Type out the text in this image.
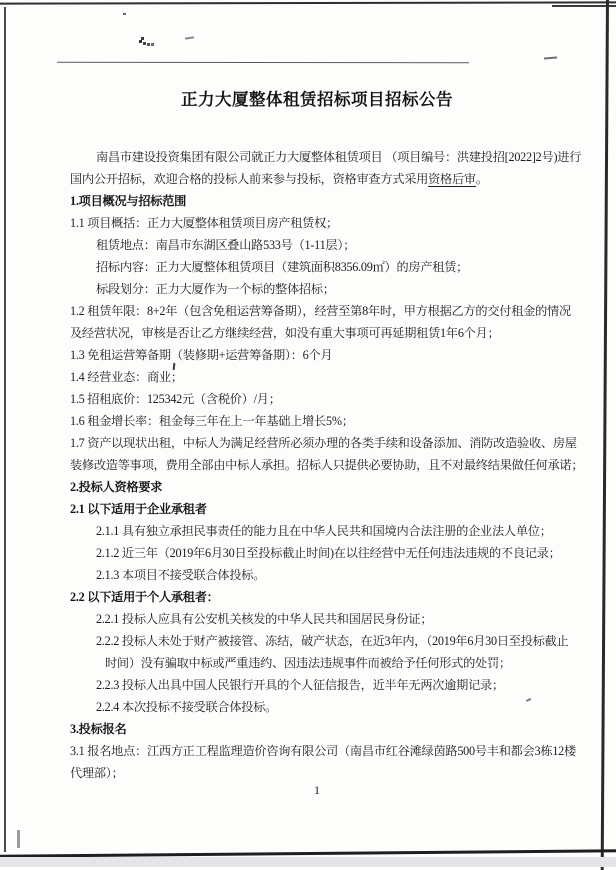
正力大厦整体租赁招标项目招标公告
南昌市建设投资集团有限公司就正力大厦整体租赁项目 （项目编号：洪建投招[2022]2号)进行
国内公开招标，欢迎合格的投标人前来参与投标，资格审查方式采用资格后审。
1.项目概况与招标范围
1.1 项目概括：正力大厦整体租赁项目房产租赁权；
租赁地点：南昌市东湖区叠山路533号（1-11层）；
招标内容：正力大厦整体租赁项目（建筑面积8356.09㎡）的房产租赁；
标段划分：正力大厦作为一个标的整体招标；
1.2 租赁年限：8+2年（包含免租运营筹备期），经营至第8年时，甲方根据乙方的交付租金的情况
及经营状况，审核是否让乙方继续经营，如没有重大事项可再延期租赁1年6个月；
1.3 免租运营筹备期（装修期+运营筹备期）：6个月
1.4 经营业态：商业；
1.5 招租底价：125342元（含税价）/月；
1.6 租金增长率：租金每三年在上一年基础上增长5%；
1.7 资产以现状出租，中标人为满足经营所必须办理的各类手续和设备添加、消防改造验收、房屋
装修改造等事项，费用全部由中标人承担。招标人只提供必要协助，且不对最终结果做任何承诺；
2.投标人资格要求
2.1 以下适用于企业承租者
2.1.1 具有独立承担民事责任的能力且在中华人民共和国境内合法注册的企业法人单位；
2.1.2 近三年（2019年6月30日至投标截止时间)在以往经营中无任何违法违规的不良记录；
2.1.3 本项目不接受联合体投标。
2.2 以下适用于个人承租者：
2.2.1 投标人应具有公安机关核发的中华人民共和国居民身份证；
2.2.2 投标人未处于财产被接管、冻结，破产状态，在近3年内，（2019年6月30日至投标截止
时间）没有骗取中标或严重违约、因违法违规事件而被给予任何形式的处罚；
2.2.3 投标人出具中国人民银行开具的个人征信报告，近半年无两次逾期记录；
2.2.4 本次投标不接受联合体投标。
3.投标报名
3.1 报名地点：江西方正工程监理造价咨询有限公司（南昌市红谷滩绿茵路500号丰和都会3栋12楼
代理部）；
1
